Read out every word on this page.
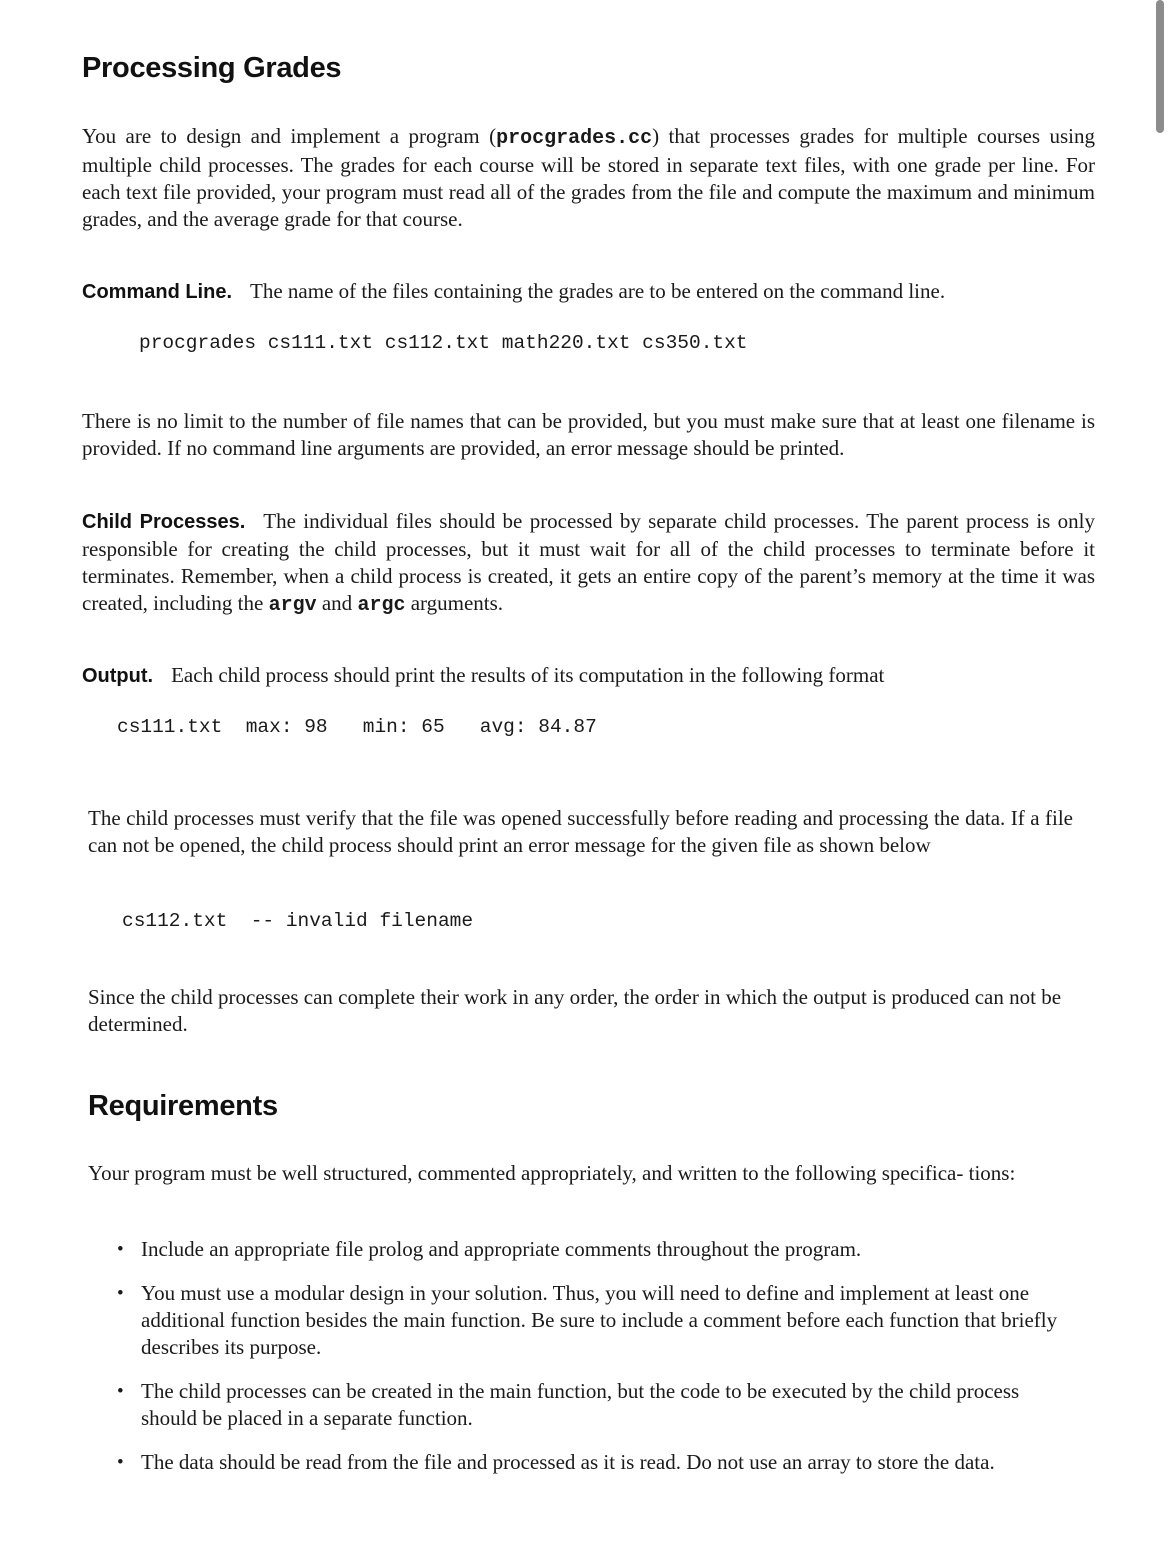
Processing Grades

You are to design and implement a program (procgrades.cc) that processes grades for multiple courses using multiple child processes. The grades for each course will be stored in separate text files, with one grade per line. For each text file provided, your program must read all of the grades from the file and compute the maximum and minimum grades, and the average grade for that course.

Command Line. The name of the files containing the grades are to be entered on the command line.

procgrades cs111.txt cs112.txt math220.txt cs350.txt

There is no limit to the number of file names that can be provided, but you must make sure that at least one filename is provided. If no command line arguments are provided, an error message should be printed.

Child Processes. The individual files should be processed by separate child processes. The parent process is only responsible for creating the child processes, but it must wait for all of the child processes to terminate before it terminates. Remember, when a child process is created, it gets an entire copy of the parent’s memory at the time it was created, including the argv and argc arguments.

Output. Each child process should print the results of its computation in the following format

cs111.txt  max: 98   min: 65   avg: 84.87

The child processes must verify that the file was opened successfully before reading and processing the data. If a file can not be opened, the child process should print an error message for the given file as shown below

cs112.txt  -- invalid filename

Since the child processes can complete their work in any order, the order in which the output is produced can not be determined.

Requirements

Your program must be well structured, commented appropriately, and written to the following specifica- tions:

• Include an appropriate file prolog and appropriate comments throughout the program.
• You must use a modular design in your solution. Thus, you will need to define and implement at least one additional function besides the main function. Be sure to include a comment before each function that briefly describes its purpose.
• The child processes can be created in the main function, but the code to be executed by the child process should be placed in a separate function.
• The data should be read from the file and processed as it is read. Do not use an array to store the data.
